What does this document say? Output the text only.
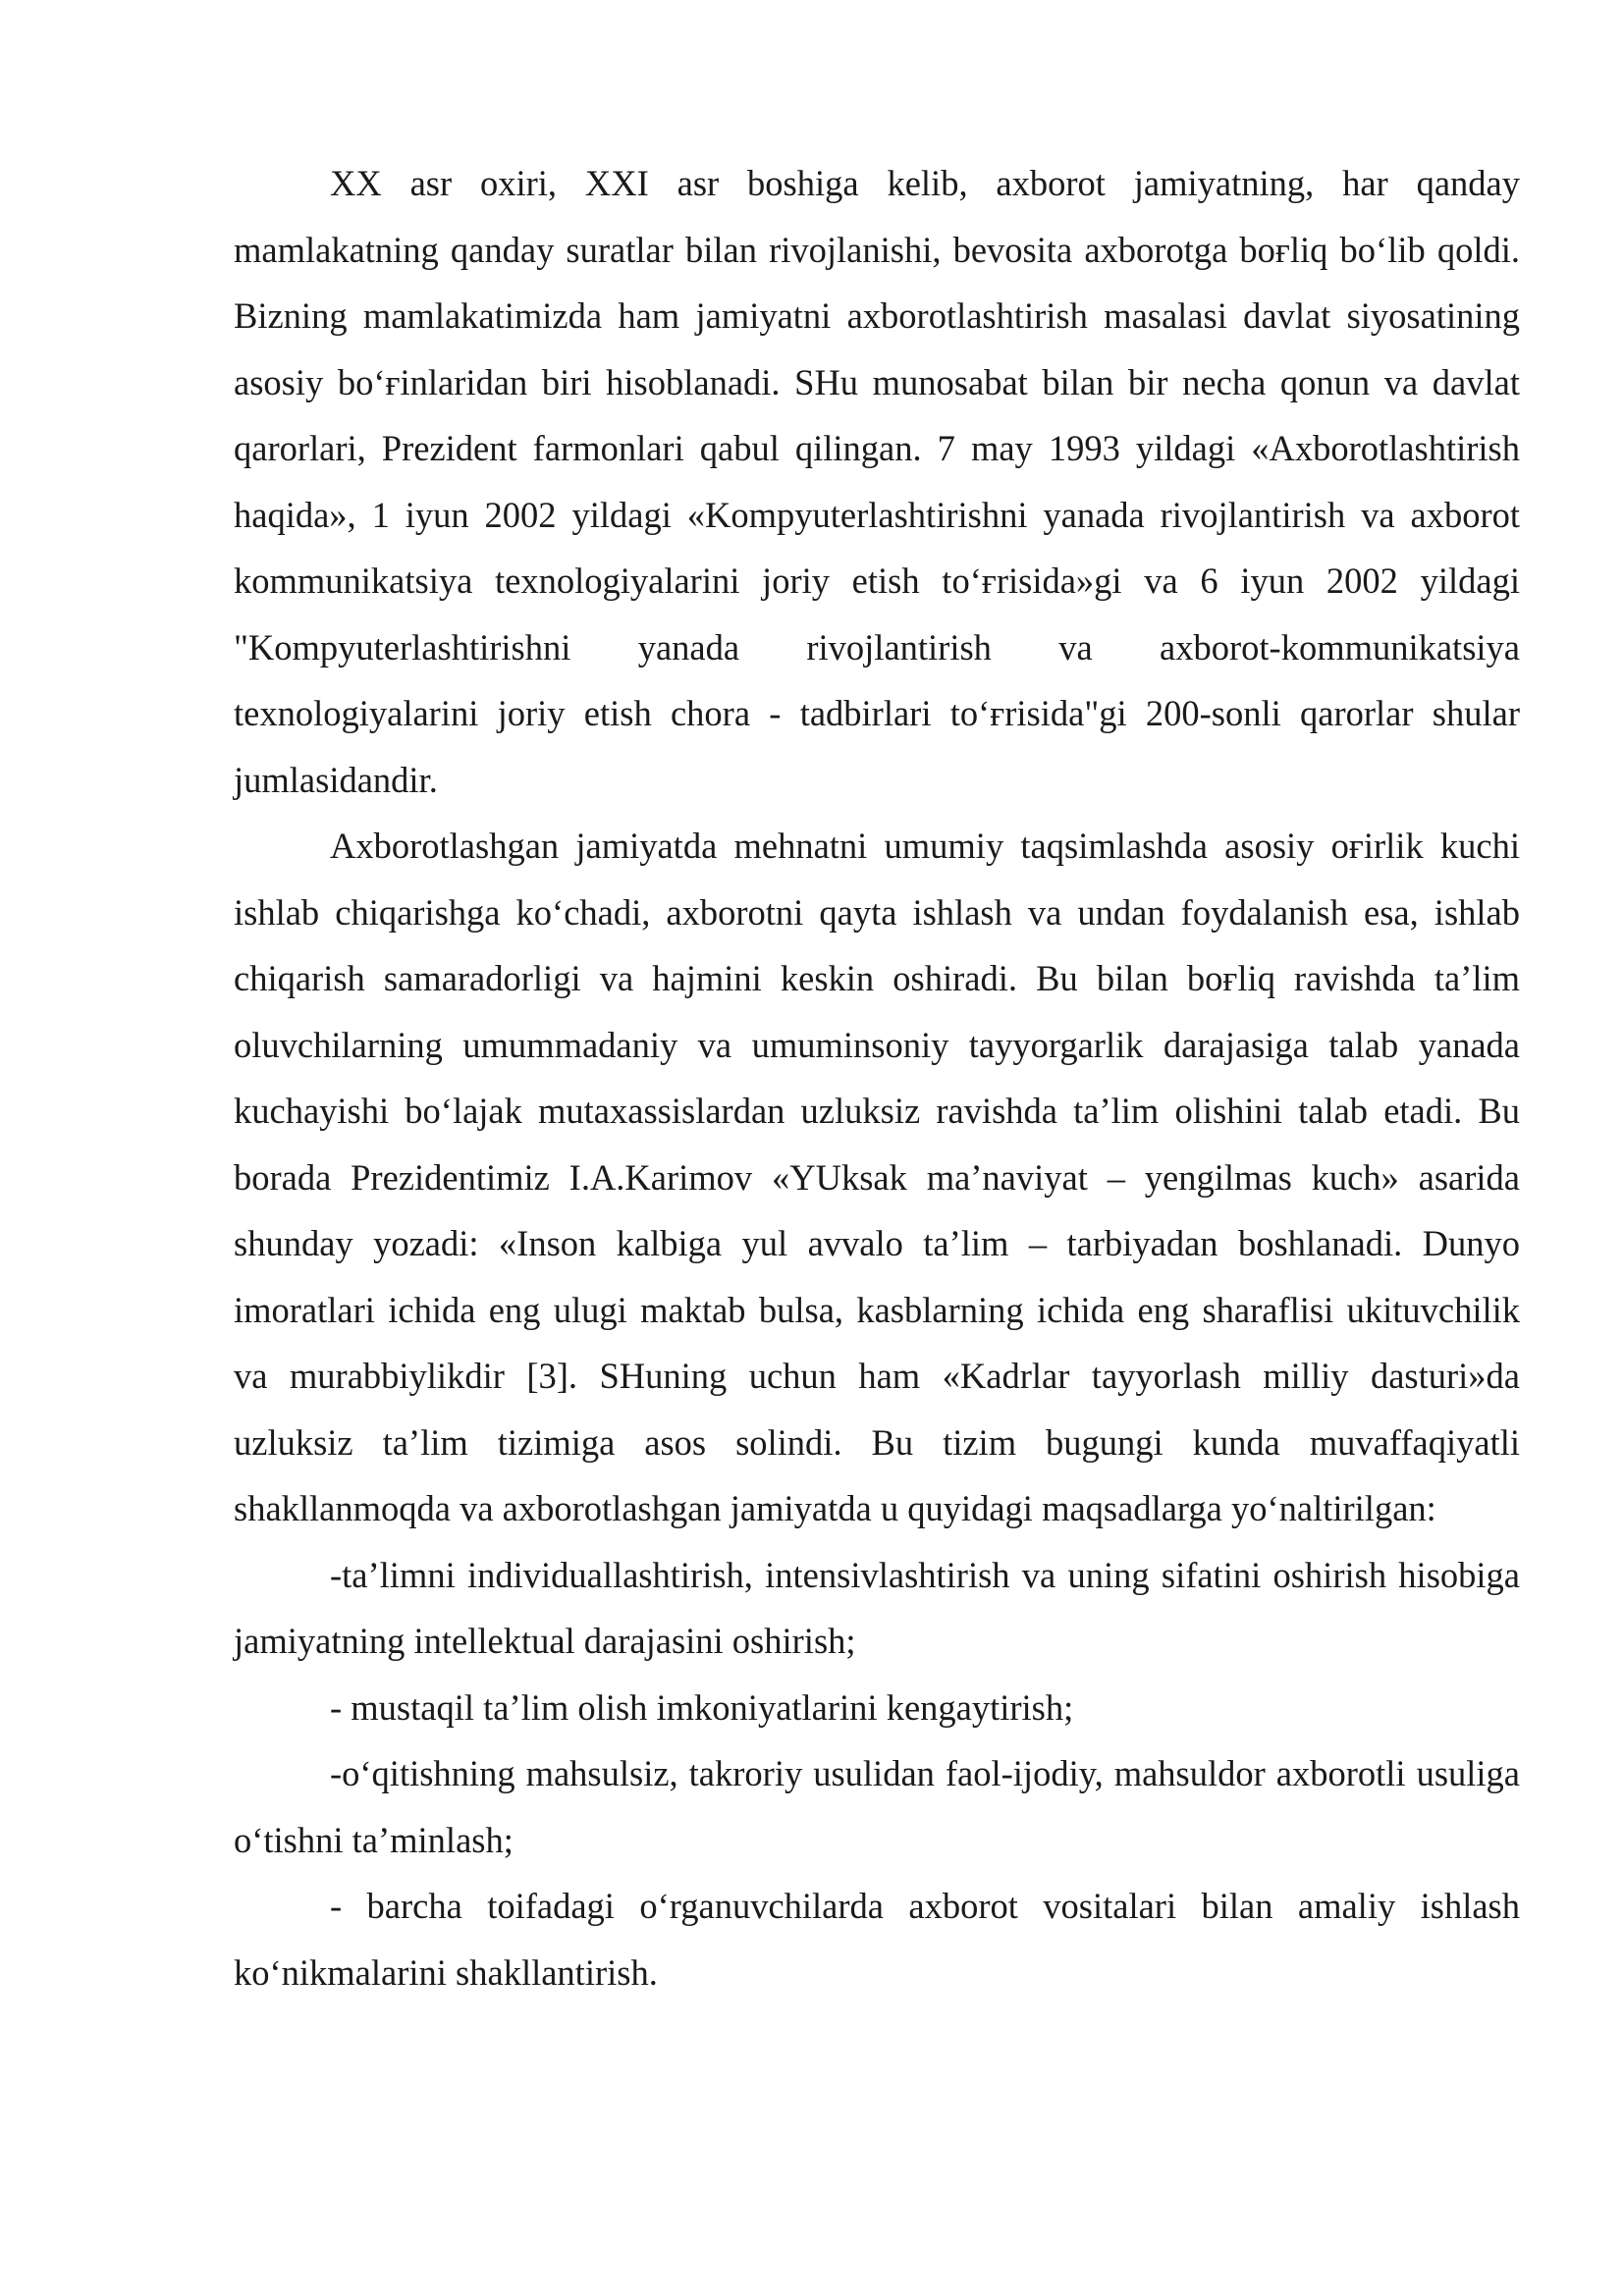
XX asr oxiri, XXI asr boshiga kelib, axborot jamiyatning, har qanday mamlakatning qanday suratlar bilan rivojlanishi, bevosita axborotga boғliq bo‘lib qoldi. Bizning mamlakatimizda ham jamiyatni axborotlashtirish masalasi davlat siyosatining asosiy bo‘ғinlaridan biri hisoblanadi. SHu munosabat bilan bir necha qonun va davlat qarorlari, Prezident farmonlari qabul qilingan. 7 may 1993 yildagi «Axborotlashtirish haqida», 1 iyun 2002 yildagi «Kompyuterlashtirishni yanada rivojlantirish va axborot kommunikatsiya texnologiyalarini joriy etish to‘ғrisida»gi va 6 iyun 2002 yildagi "Kompyuterlashtirishni yanada rivojlantirish va axborot-kommunikatsiya texnologiyalarini joriy etish chora - tadbirlari to‘ғrisida"gi 200-sonli qarorlar shular jumlasidandir.

Axborotlashgan jamiyatda mehnatni umumiy taqsimlashda asosiy oғirlik kuchi ishlab chiqarishga ko‘chadi, axborotni qayta ishlash va undan foydalanish esa, ishlab chiqarish samaradorligi va hajmini keskin oshiradi. Bu bilan boғliq ravishda ta’lim oluvchilarning umummadaniy va umuminsoniy tayyorgarlik darajasiga talab yanada kuchayishi bo‘lajak mutaxassislardan uzluksiz ravishda ta’lim olishini talab etadi. Bu borada Prezidentimiz I.A.Karimov «YUksak ma’naviyat – yengilmas kuch» asarida shunday yozadi: «Inson kalbiga yul avvalo ta’lim – tarbiyadan boshlanadi. Dunyo imoratlari ichida eng ulugi maktab bulsa, kasblarning ichida eng sharaflisi ukituvchilik va murabbiylikdir [3]. SHuning uchun ham «Kadrlar tayyorlash milliy dasturi»da uzluksiz ta’lim tizimiga asos solindi. Bu tizim bugungi kunda muvaffaqiyatli shakllanmoqda va axborotlashgan jamiyatda u quyidagi maqsadlarga yo‘naltirilgan:

-ta’limni individuallashtirish, intensivlashtirish va uning sifatini oshirish hisobiga jamiyatning intellektual darajasini oshirish;

- mustaqil ta’lim olish imkoniyatlarini kengaytirish;

-o‘qitishning mahsulsiz, takroriy usulidan faol-ijodiy, mahsuldor axborotli usuliga o‘tishni ta’minlash;

- barcha toifadagi o‘rganuvchilarda axborot vositalari bilan amaliy ishlash ko‘nikmalarini shakllantirish.
